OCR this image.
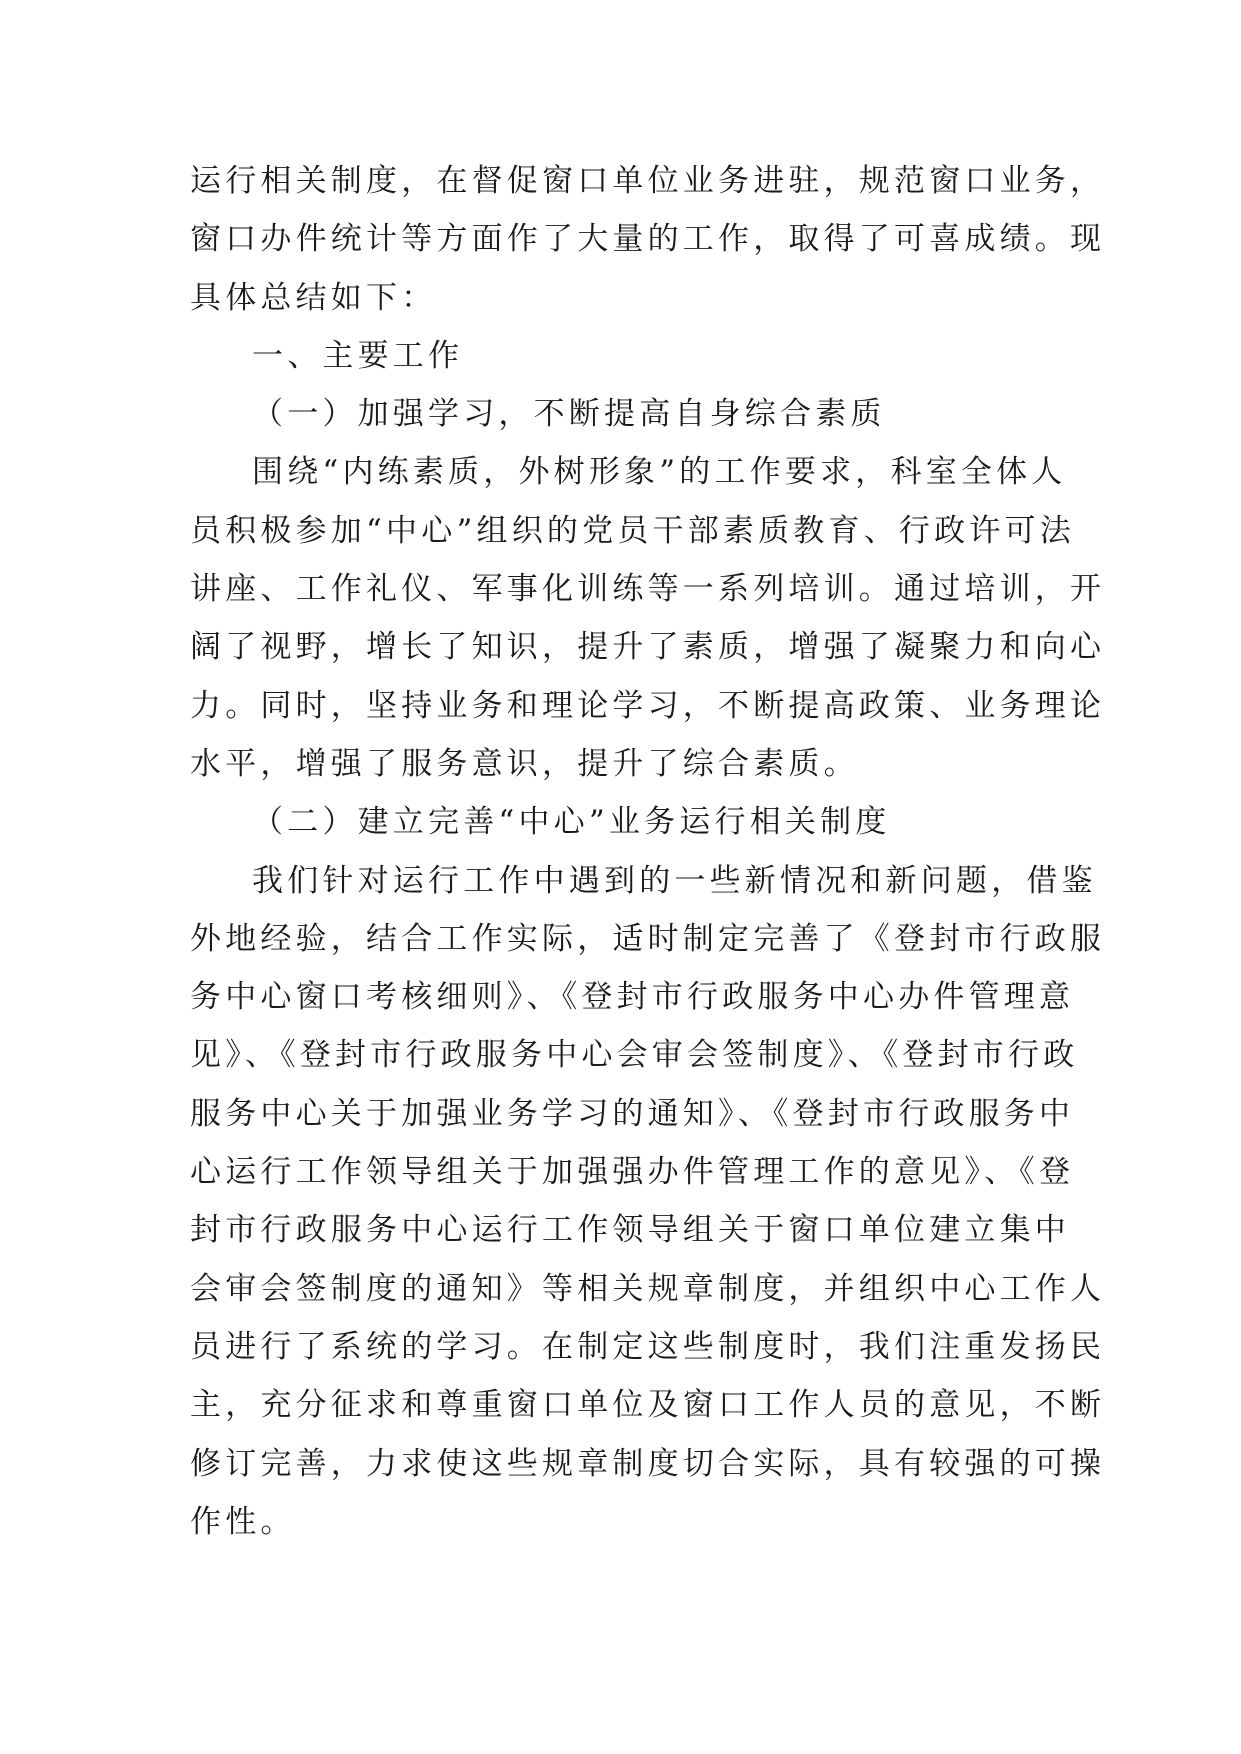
运行相关制度，在督促窗口单位业务进驻，规范窗口业务，

窗口办件统计等方面作了大量的工作，取得了可喜成绩。现

具体总结如下：

一、主要工作

（一）加强学习，不断提高自身综合素质

围绕“内练素质，外树形象”的工作要求，科室全体人

员积极参加“中心”组织的党员干部素质教育、行政许可法

讲座、工作礼仪、军事化训练等一系列培训。通过培训，开

阔了视野，增长了知识，提升了素质，增强了凝聚力和向心

力。同时，坚持业务和理论学习，不断提高政策、业务理论

水平，增强了服务意识，提升了综合素质。

（二）建立完善“中心”业务运行相关制度

我们针对运行工作中遇到的一些新情况和新问题，借鉴

外地经验，结合工作实际，适时制定完善了《登封市行政服

务中心窗口考核细则》、《登封市行政服务中心办件管理意

见》、《登封市行政服务中心会审会签制度》、《登封市行政

服务中心关于加强业务学习的通知》、《登封市行政服务中

心运行工作领导组关于加强强办件管理工作的意见》、《登

封市行政服务中心运行工作领导组关于窗口单位建立集中

会审会签制度的通知》等相关规章制度，并组织中心工作人

员进行了系统的学习。在制定这些制度时，我们注重发扬民

主，充分征求和尊重窗口单位及窗口工作人员的意见，不断

修订完善，力求使这些规章制度切合实际，具有较强的可操

作性。
